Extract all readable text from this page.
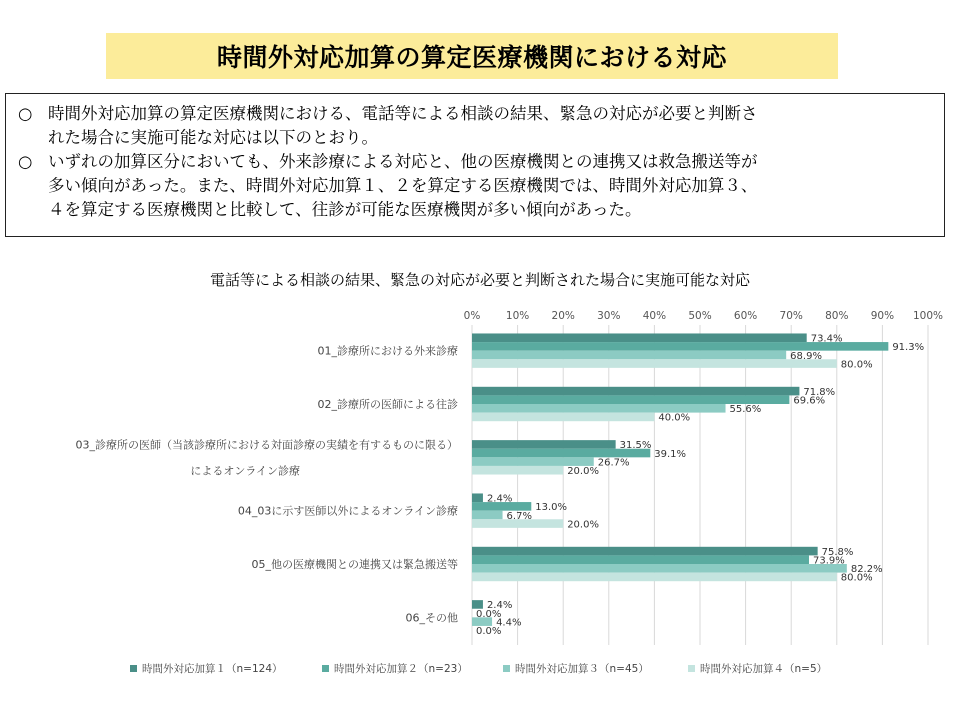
時間外対応加算の算定医療機関における対応

○ 時間外対応加算の算定医療機関における、電話等による相談の結果、緊急の対応が必要と判断さ

れた場合に実施可能な対応は以下のとおり。

○ いずれの加算区分においても、外来診療による対応と、他の医療機関との連携又は救急搬送等が

多い傾向があった。また、時間外対応加算１、２を算定する医療機関では、時間外対応加算３、

４を算定する医療機関と比較して、往診が可能な医療機関が多い傾向があった。

電話等による相談の結果、緊急の対応が必要と判断された場合に実施可能な対応
0% 10% 20% 30% 40% 50% 60% 70% 80% 90% 100%
01_診療所における外来診療
73.4%
91.3%
68.9%
80.0%
02_診療所の医師による往診
71.8%
69.6%
55.6%
40.0%
03_診療所の医師（当該診療所における対面診療の実績を有するものに限る）
によるオンライン診療
31.5%
39.1%
26.7%
20.0%
04_03に示す医師以外によるオンライン診療
2.4%
13.0%
6.7%
20.0%
05_他の医療機関との連携又は緊急搬送等
75.8%
73.9%
82.2%
80.0%
06_その他
2.4%
0.0%
4.4%
0.0%
時間外対応加算１（n=124）	時間外対応加算２（n=23）	時間外対応加算３（n=45）	時間外対応加算４（n=5）
